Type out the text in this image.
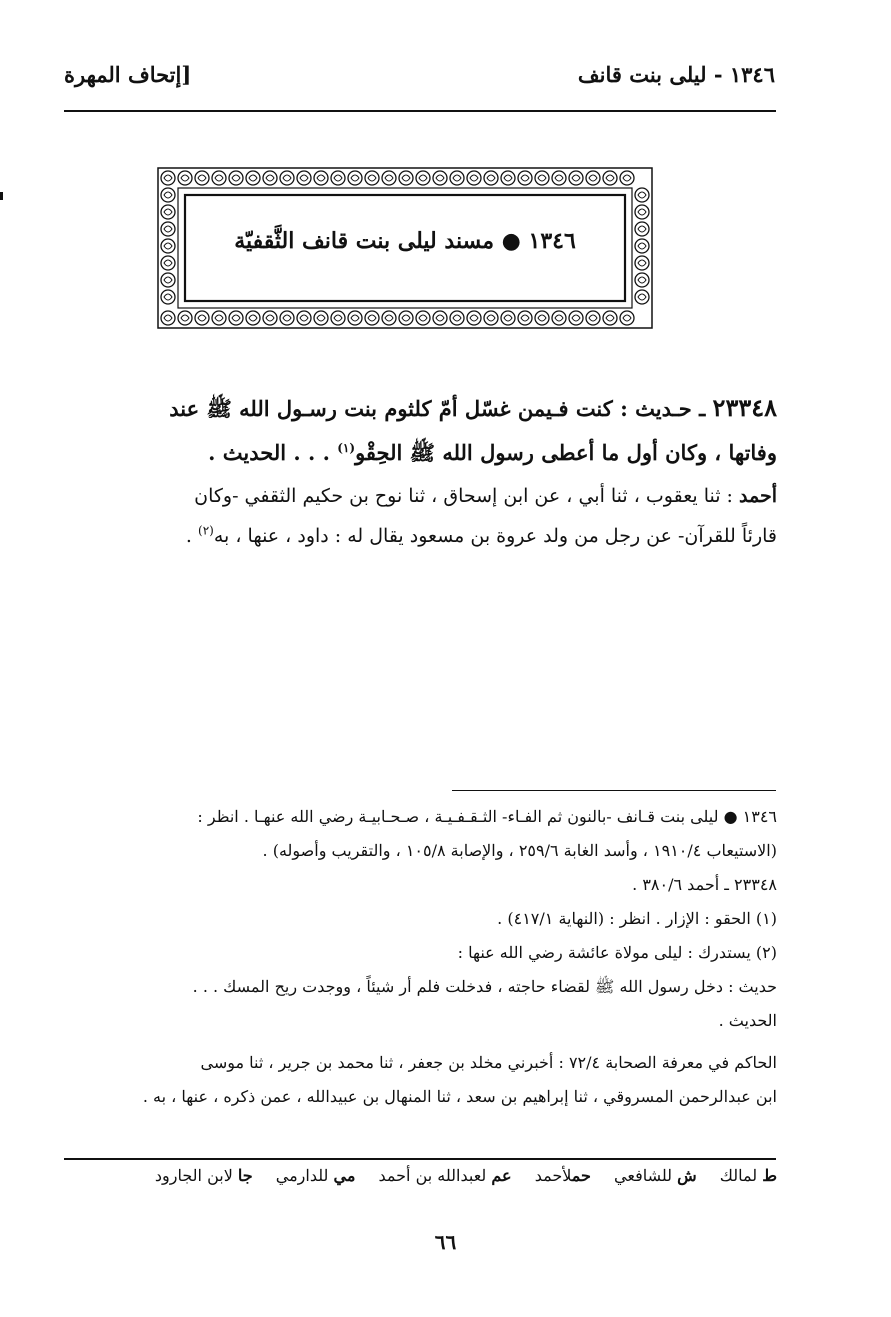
١٣٤٦ - ليلى بنت قانف
[إتحاف المهرة
١٣٤٦ ● مسند ليلى بنت قانف الثَّقفيّة
٢٣٣٤٨ ـ حـديث : كنت فـيمن غسّل أمّ كلثوم بنت رسـول الله ﷺ عند
وفاتها ، وكان أول ما أعطى رسول الله ﷺ الحِقْو$^{(١)}$ . . . الحديث .
أحمد : ثنا يعقوب ، ثنا أبي ، عن ابن إسحاق ، ثنا نوح بن حكيم الثقفي -وكان
قارئاً للقرآن- عن رجل من ولد عروة بن مسعود يقال له : داود ، عنها ، به$^{(٢)}$ .
١٣٤٦ ● ليلى بنت قـانف -بالنون ثم الفـاء- الثـقـفـيـة ، صـحـابيـة رضي الله عنهـا . انظر :
(الاستيعاب ١٩١٠/٤ ، وأسد الغابة ٢٥٩/٦ ، والإصابة ١٠٥/٨ ، والتقريب وأصوله) .
٢٣٣٤٨ ـ أحمد ٣٨٠/٦ .
(١) الحقو : الإزار . انظر : (النهاية ٤١٧/١) .
(٢) يستدرك : ليلى مولاة عائشة رضي الله عنها :
حديث : دخل رسول الله ﷺ لقضاء حاجته ، فدخلت فلم أر شيئاً ، ووجدت ريح المسك . . .
الحديث .
الحاكم في معرفة الصحابة ٧٢/٤ : أخبرني مخلد بن جعفر ، ثنا محمد بن جرير ، ثنا موسى
ابن عبدالرحمن المسروقي ، ثنا إبراهيم بن سعد ، ثنا المنهال بن عبيدالله ، عمن ذكره ، عنها ، به .
ط لمالك ش للشافعي حملأحمد عم لعبدالله بن أحمد مي للدارمي جا لابن الجارود
٦٦
